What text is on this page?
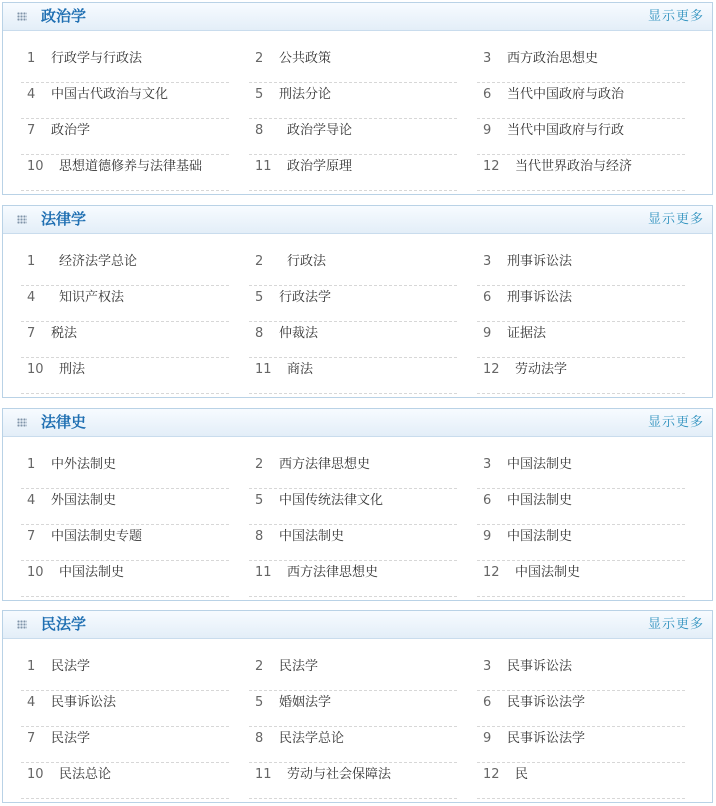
政治学	显示更多
1 行政学与行政法	2 公共政策	3 西方政治思想史
4 中国古代政治与文化	5 刑法分论	6 当代中国政府与政治
7 政治学	8 政治学导论	9 当代中国政府与行政
10 思想道德修养与法律基础	11 政治学原理	12 当代世界政治与经济
法律学	显示更多
1 经济法学总论	2 行政法	3 刑事诉讼法
4 知识产权法	5 行政法学	6 刑事诉讼法
7 税法	8 仲裁法	9 证据法
10 刑法	11 商法	12 劳动法学
法律史	显示更多
1 中外法制史	2 西方法律思想史	3 中国法制史
4 外国法制史	5 中国传统法律文化	6 中国法制史
7 中国法制史专题	8 中国法制史	9 中国法制史
10 中国法制史	11 西方法律思想史	12 中国法制史
民法学	显示更多
1 民法学	2 民法学	3 民事诉讼法
4 民事诉讼法	5 婚姻法学	6 民事诉讼法学
7 民法学	8 民法学总论	9 民事诉讼法学
10 民法总论	11 劳动与社会保障法	12 民
